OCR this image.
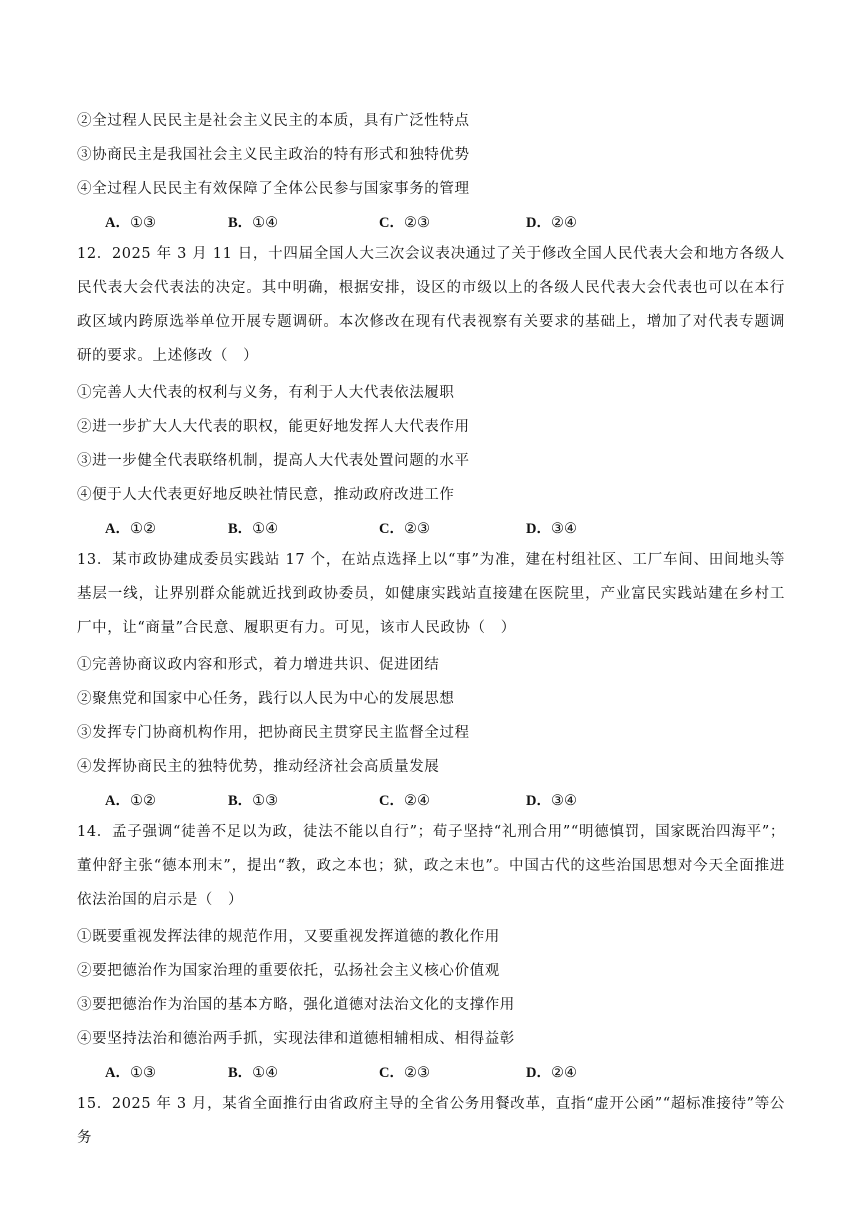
②全过程人民民主是社会主义民主的本质，具有广泛性特点
③协商民主是我国社会主义民主政治的特有形式和独特优势
④全过程人民民主有效保障了全体公民参与国家事务的管理
A．①③	B．①④	C．②③	D．②④
12．2025 年 3 月 11 日，十四届全国人大三次会议表决通过了关于修改全国人民代表大会和地方各级人民代表大会代表法的决定。其中明确，根据安排，设区的市级以上的各级人民代表大会代表也可以在本行政区域内跨原选举单位开展专题调研。本次修改在现有代表视察有关要求的基础上，增加了对代表专题调研的要求。上述修改（　）
①完善人大代表的权利与义务，有利于人大代表依法履职
②进一步扩大人大代表的职权，能更好地发挥人大代表作用
③进一步健全代表联络机制，提高人大代表处置问题的水平
④便于人大代表更好地反映社情民意，推动政府改进工作
A．①②	B．①④	C．②③	D．③④
13．某市政协建成委员实践站 17 个，在站点选择上以“事”为准，建在村组社区、工厂车间、田间地头等基层一线，让界别群众能就近找到政协委员，如健康实践站直接建在医院里，产业富民实践站建在乡村工厂中，让“商量”合民意、履职更有力。可见，该市人民政协（　）
①完善协商议政内容和形式，着力增进共识、促进团结
②聚焦党和国家中心任务，践行以人民为中心的发展思想
③发挥专门协商机构作用，把协商民主贯穿民主监督全过程
④发挥协商民主的独特优势，推动经济社会高质量发展
A．①②	B．①③	C．②④	D．③④
14．孟子强调“徒善不足以为政，徒法不能以自行”；荀子坚持“礼刑合用”“明德慎罚，国家既治四海平”；董仲舒主张“德本刑末”，提出“教，政之本也；狱，政之末也”。中国古代的这些治国思想对今天全面推进依法治国的启示是（　）
①既要重视发挥法律的规范作用，又要重视发挥道德的教化作用
②要把德治作为国家治理的重要依托，弘扬社会主义核心价值观
③要把德治作为治国的基本方略，强化道德对法治文化的支撑作用
④要坚持法治和德治两手抓，实现法律和道德相辅相成、相得益彰
A．①③	B．①④	C．②③	D．②④
15．2025 年 3 月，某省全面推行由省政府主导的全省公务用餐改革，直指“虚开公函”“超标准接待”等公务
